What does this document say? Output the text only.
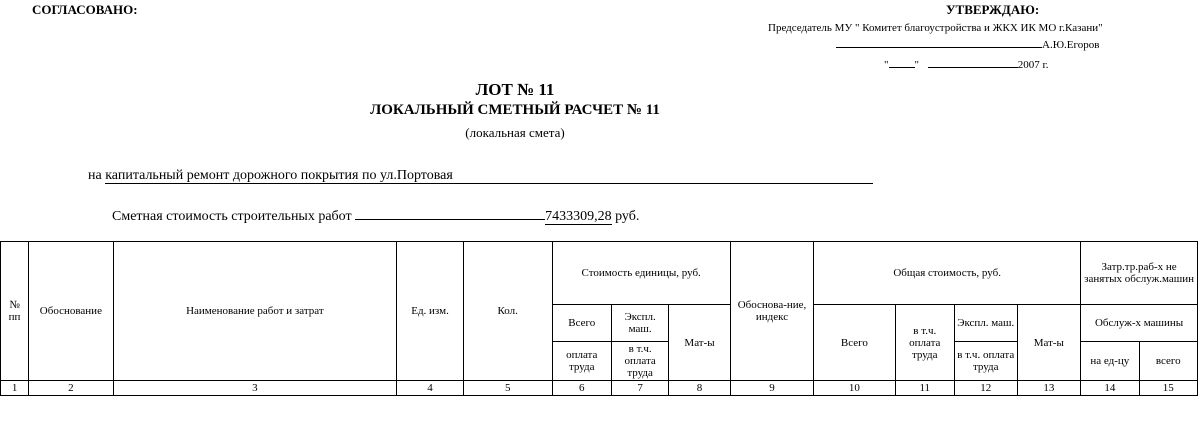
СОГЛАСОВАНО:	УТВЕРЖДАЮ:
Председатель МУ " Комитет благоустройства и ЖКХ ИК МО г.Казани"
А.Ю.Егоров
" "	2007 г.
ЛОТ № 11
ЛОКАЛЬНЫЙ СМЕТНЫЙ РАСЧЕТ № 11
(локальная смета)
на капитальный ремонт дорожного покрытия по ул.Портовая
Сметная стоимость строительных работ	7433309,28 руб.
№ пп	Обоснование	Наименование работ и затрат	Ед. изм.	Кол.	Стоимость единицы, руб.			Обоснова-ние, индекс	Общая стоимость, руб.				Затр.тр.раб-х не занятых обслуж.машин	
					Всего	Экспл. маш.	Мат-ы		Всего	в т.ч. оплата труда	Экспл. маш.	Мат-ы	Обслуж-х машины	
					оплата труда	в т.ч. оплата труда					в т.ч. оплата труда		на ед-цу	всего
1	2	3	4	5	6	7	8	9	10	11	12	13	14	15
